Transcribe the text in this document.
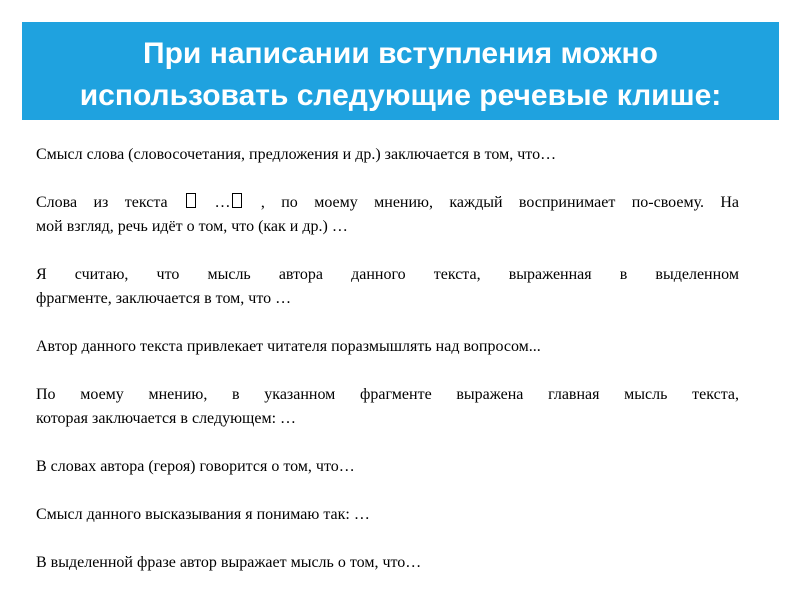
При написании вступления можно
использовать следующие речевые клише:

Смысл слова (словосочетания, предложения и др.) заключается в том, что…

Слова из текста  … , по моему мнению, каждый воспринимает по-своему. На
мой взгляд, речь идёт о том, что (как и др.) …

Я считаю, что мысль автора данного текста, выраженная в выделенном
фрагменте, заключается в том, что …

Автор данного текста привлекает читателя поразмышлять над вопросом...

По моему мнению, в указанном фрагменте выражена главная мысль текста,
которая заключается в следующем: …

В словах автора (героя) говорится о том, что…

Смысл данного высказывания я понимаю так: …

В выделенной фразе автор выражает мысль о том, что…
